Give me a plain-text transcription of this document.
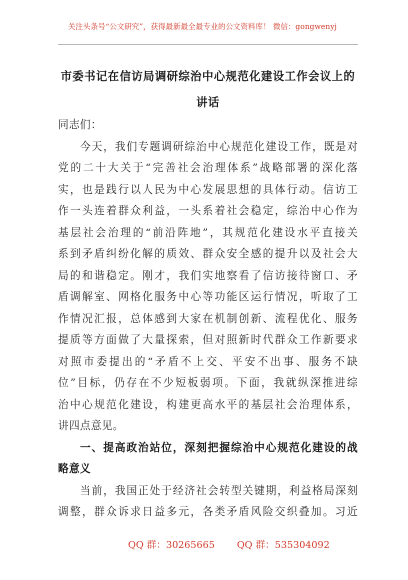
关注头条号“公文研究”，获得最新最全最专业的公文资料库！ 微信：gongwenyj
市委书记在信访局调研综治中心规范化建设工作会议上的
讲话
同志们：
今天，我们专题调研综治中心规范化建设工作，既是对
党的二十大关于“完善社会治理体系”战略部署的深化落
实，也是践行以人民为中心发展思想的具体行动。信访工
作一头连着群众利益，一头系着社会稳定，综治中心作为
基层社会治理的“前沿阵地”，其规范化建设水平直接关
系到矛盾纠纷化解的质效、群众安全感的提升以及社会大
局的和谐稳定。刚才，我们实地察看了信访接待窗口、矛
盾调解室、网格化服务中心等功能区运行情况，听取了工
作情况汇报，总体感到大家在机制创新、流程优化、服务
提质等方面做了大量探索，但对照新时代群众工作新要求
对照市委提出的“矛盾不上交、平安不出事、服务不缺
位”目标，仍存在不少短板弱项。下面，我就纵深推进综
治中心规范化建设，构建更高水平的基层社会治理体系，
讲四点意见。
一、提高政治站位，深刻把握综治中心规范化建设的战
略意义
当前，我国正处于经济社会转型关键期，利益格局深刻
调整，群众诉求日益多元，各类矛盾风险交织叠加。习近
QQ 群：30265665 QQ 群：535304092
